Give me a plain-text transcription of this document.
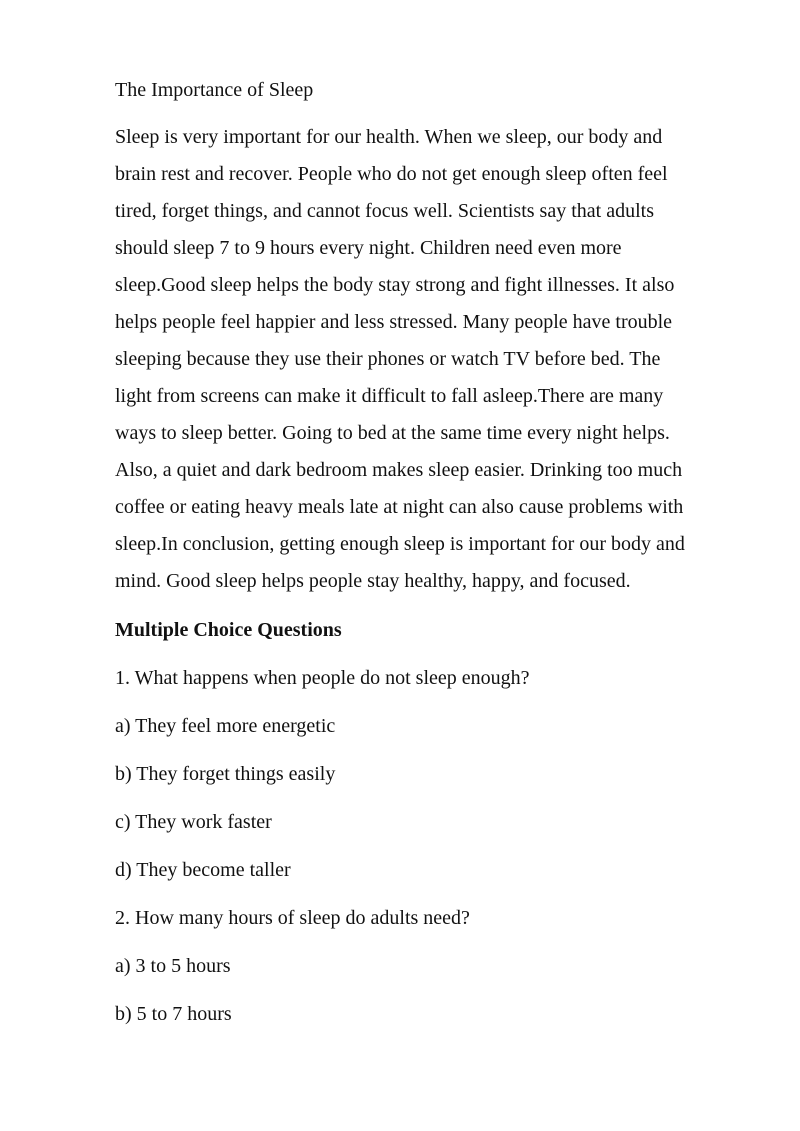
The Importance of Sleep
Sleep is very important for our health. When we sleep, our body and
brain rest and recover. People who do not get enough sleep often feel
tired, forget things, and cannot focus well. Scientists say that adults
should sleep 7 to 9 hours every night. Children need even more
sleep.Good sleep helps the body stay strong and fight illnesses. It also
helps people feel happier and less stressed. Many people have trouble
sleeping because they use their phones or watch TV before bed. The
light from screens can make it difficult to fall asleep.There are many
ways to sleep better. Going to bed at the same time every night helps.
Also, a quiet and dark bedroom makes sleep easier. Drinking too much
coffee or eating heavy meals late at night can also cause problems with
sleep.In conclusion, getting enough sleep is important for our body and
mind. Good sleep helps people stay healthy, happy, and focused.
Multiple Choice Questions
1. What happens when people do not sleep enough?
a) They feel more energetic
b) They forget things easily
c) They work faster
d) They become taller
2. How many hours of sleep do adults need?
a) 3 to 5 hours
b) 5 to 7 hours
